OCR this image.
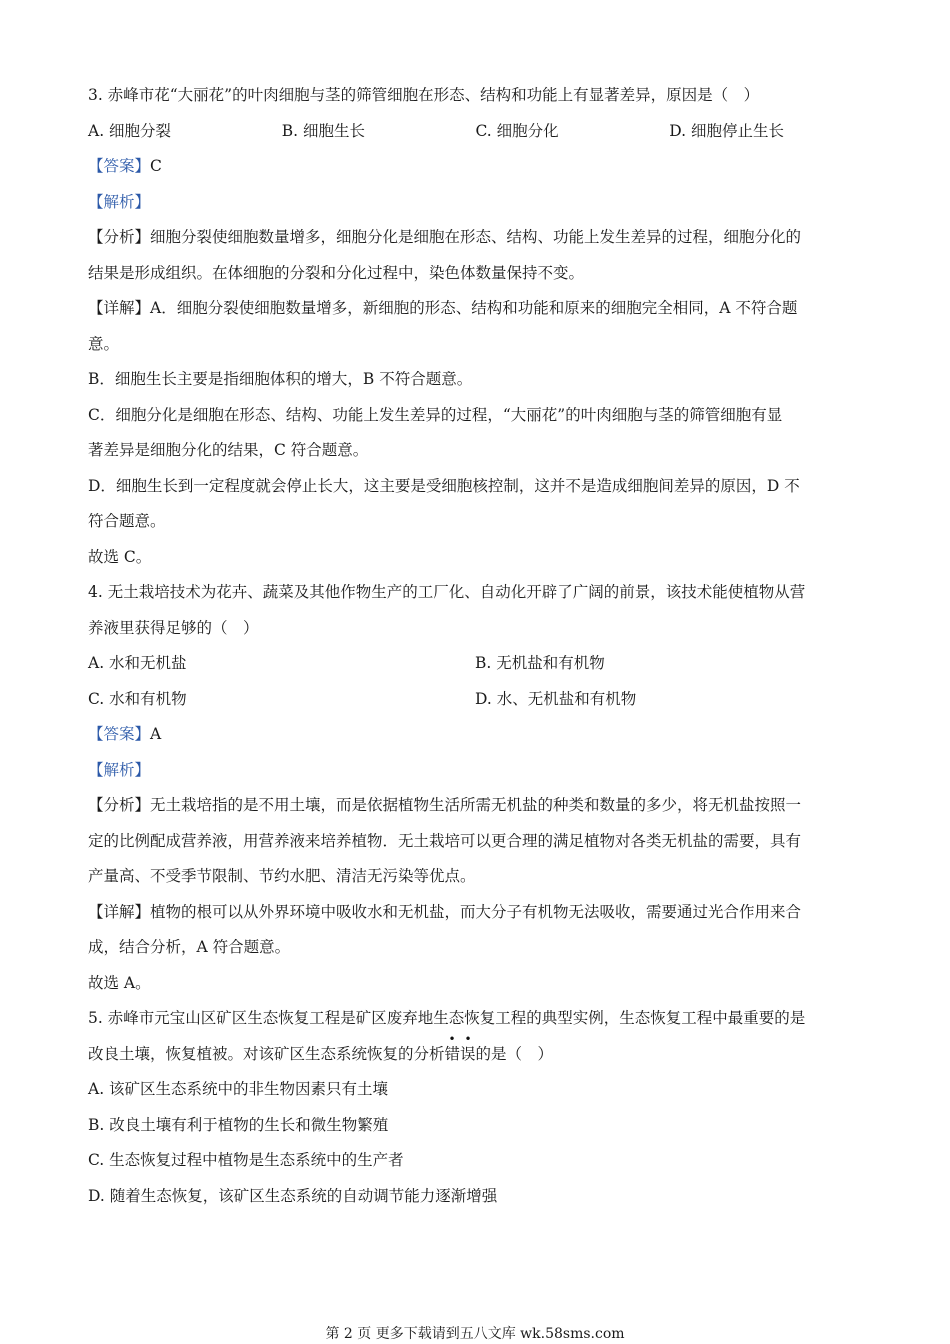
3. 赤峰市花“大丽花”的叶肉细胞与茎的筛管细胞在形态、结构和功能上有显著差异，原因是（　）
A. 细胞分裂	B. 细胞生长	C. 细胞分化	D. 细胞停止生长
【答案】C
【解析】
【分析】细胞分裂使细胞数量增多，细胞分化是细胞在形态、结构、功能上发生差异的过程，细胞分化的
结果是形成组织。在体细胞的分裂和分化过程中，染色体数量保持不变。
【详解】A．细胞分裂使细胞数量增多，新细胞的形态、结构和功能和原来的细胞完全相同，A 不符合题
意。
B．细胞生长主要是指细胞体积的增大，B 不符合题意。
C．细胞分化是细胞在形态、结构、功能上发生差异的过程，“大丽花”的叶肉细胞与茎的筛管细胞有显
著差异是细胞分化的结果，C 符合题意。
D．细胞生长到一定程度就会停止长大，这主要是受细胞核控制，这并不是造成细胞间差异的原因，D 不
符合题意。
故选 C。
4. 无土栽培技术为花卉、蔬菜及其他作物生产的工厂化、自动化开辟了广阔的前景，该技术能使植物从营
养液里获得足够的（　）
A. 水和无机盐	B. 无机盐和有机物
C. 水和有机物	D. 水、无机盐和有机物
【答案】A
【解析】
【分析】无土栽培指的是不用土壤，而是依据植物生活所需无机盐的种类和数量的多少，将无机盐按照一
定的比例配成营养液，用营养液来培养植物．无土栽培可以更合理的满足植物对各类无机盐的需要，具有
产量高、不受季节限制、节约水肥、清洁无污染等优点。
【详解】植物的根可以从外界环境中吸收水和无机盐，而大分子有机物无法吸收，需要通过光合作用来合
成，结合分析，A 符合题意。
故选 A。
5. 赤峰市元宝山区矿区生态恢复工程是矿区废弃地生态恢复工程的典型实例，生态恢复工程中最重要的是
改良土壤，恢复植被。对该矿区生态系统恢复的分析
• •
错误的是（　）
A. 该矿区生态系统中的非生物因素只有土壤
B. 改良土壤有利于植物的生长和微生物繁殖
C. 生态恢复过程中植物是生态系统中的生产者
D. 随着生态恢复，该矿区生态系统的自动调节能力逐渐增强
第 2 页 更多下载请到五八文库 wk.58sms.com
